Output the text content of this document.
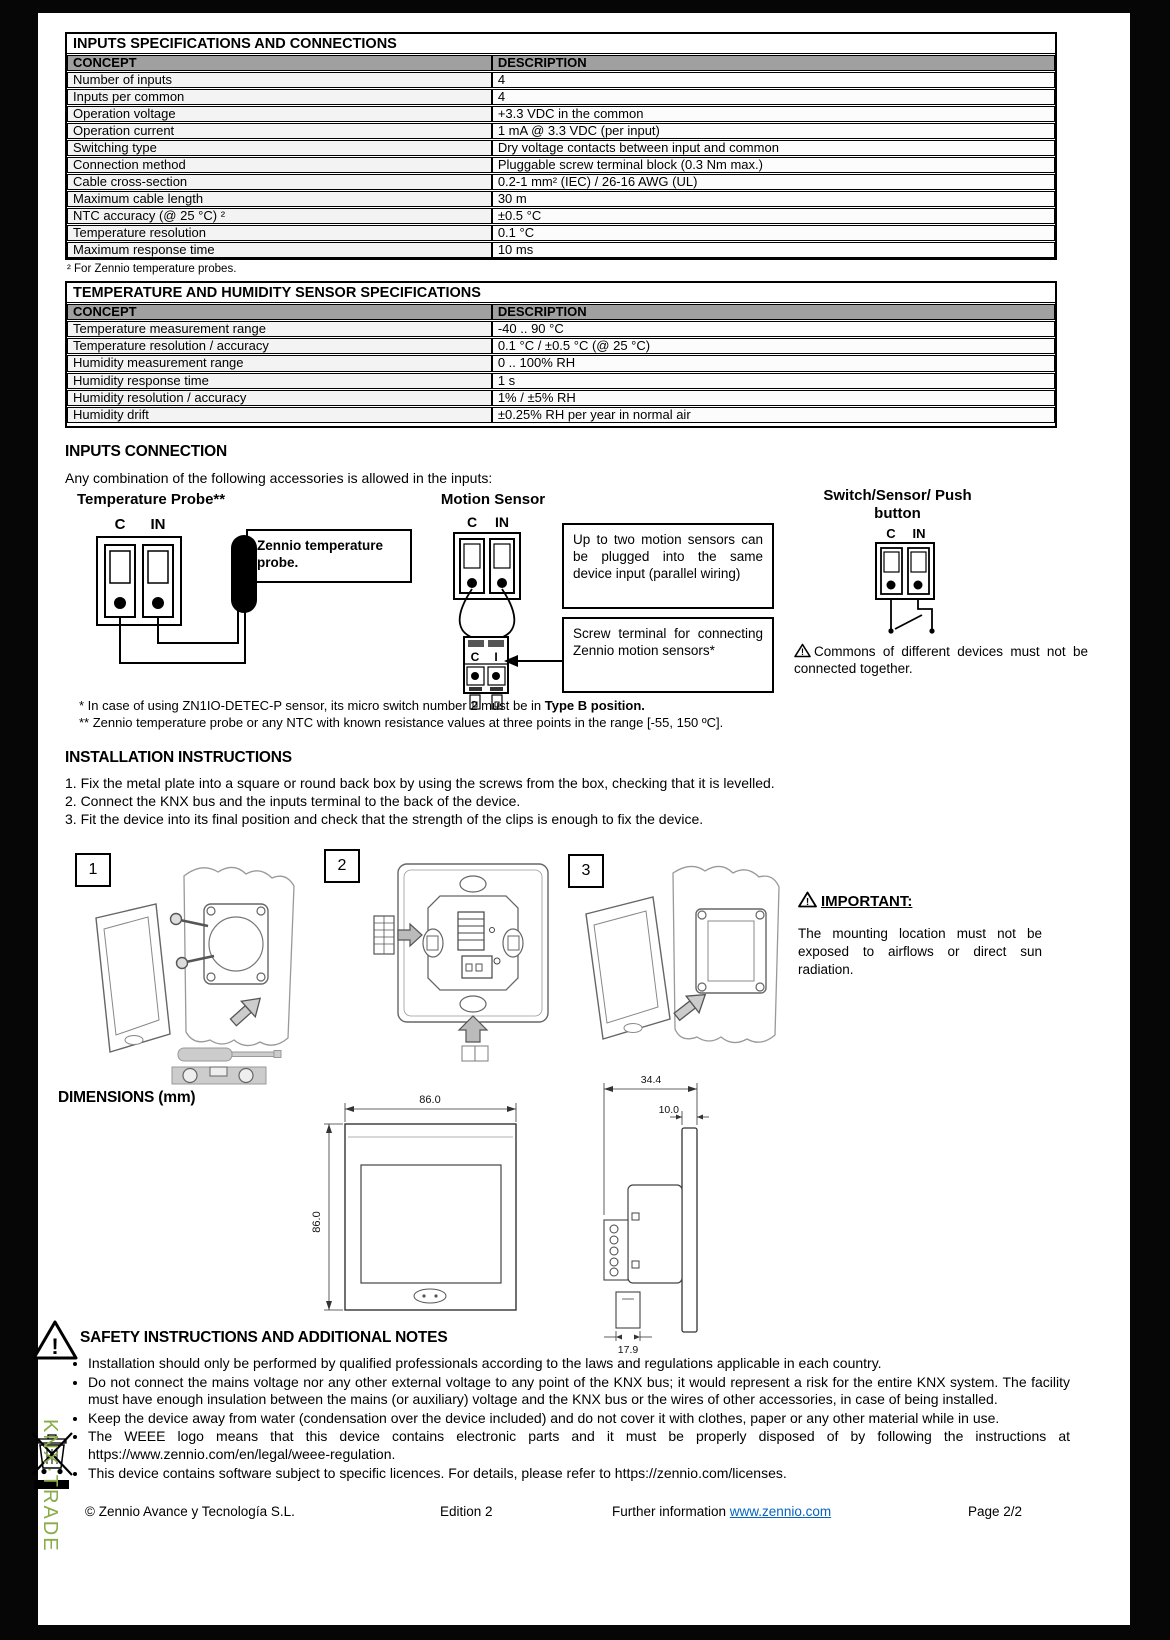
INPUTS SPECIFICATIONS AND CONNECTIONS
CONCEPT	DESCRIPTION
Number of inputs	4
Inputs per common	4
Operation voltage	+3.3 VDC in the common
Operation current	1 mA @ 3.3 VDC (per input)
Switching type	Dry voltage contacts between input and common
Connection method	Pluggable screw terminal block (0.3 Nm max.)
Cable cross-section	0.2-1 mm² (IEC) / 26-16 AWG (UL)
Maximum cable length	30 m
NTC accuracy (@ 25 °C) ²	±0.5 °C
Temperature resolution	0.1 °C
Maximum response time	10 ms
² For Zennio temperature probes.
TEMPERATURE AND HUMIDITY SENSOR SPECIFICATIONS
CONCEPT	DESCRIPTION
Temperature measurement range	-40 .. 90 °C
Temperature resolution / accuracy	0.1 °C / ±0.5 °C (@ 25 °C)
Humidity measurement range	0 .. 100% RH
Humidity response time	1 s
Humidity resolution / accuracy	1% / ±5% RH
Humidity drift	±0.25% RH per year in normal air
INPUTS CONNECTION
Any combination of the following accessories is allowed in the inputs:
Temperature Probe**	Motion Sensor	Switch/Sensor/ Push button
C IN
Zennio temperature probe.
C IN
C I
Up to two motion sensors can be plugged into the same device input (parallel wiring)
Screw terminal for connecting Zennio motion sensors*
C IN
! Commons of different devices must not be connected together.
* In case of using ZN1IO-DETEC-P sensor, its micro switch number 2 must be in Type B position.
** Zennio temperature probe or any NTC with known resistance values at three points in the range [-55, 150 ºC].
INSTALLATION INSTRUCTIONS
1. Fix the metal plate into a square or round back box by using the screws from the box, checking that it is levelled.
2. Connect the KNX bus and the inputs terminal to the back of the device.
3. Fit the device into its final position and check that the strength of the clips is enough to fix the device.
1	2	3
! IMPORTANT:
The mounting location must not be exposed to airflows or direct sun radiation.
DIMENSIONS (mm)	86.0
86.0
34.4
10.0
17.9
! SAFETY INSTRUCTIONS AND ADDITIONAL NOTES
• Installation should only be performed by qualified professionals according to the laws and regulations applicable in each country.
• Do not connect the mains voltage nor any other external voltage to any point of the KNX bus; it would represent a risk for the entire KNX system. The facility must have enough insulation between the mains (or auxiliary) voltage and the KNX bus or the wires of other accessories, in case of being installed.
• Keep the device away from water (condensation over the device included) and do not cover it with clothes, paper or any other material while in use.
• The WEEE logo means that this device contains electronic parts and it must be properly disposed of by following the instructions at https://www.zennio.com/en/legal/weee-regulation.
• This device contains software subject to specific licences. For details, please refer to https://zennio.com/licenses.
© Zennio Avance y Tecnología S.L.	Edition 2	Further information www.zennio.com	Page 2/2
KNX·TRADE
